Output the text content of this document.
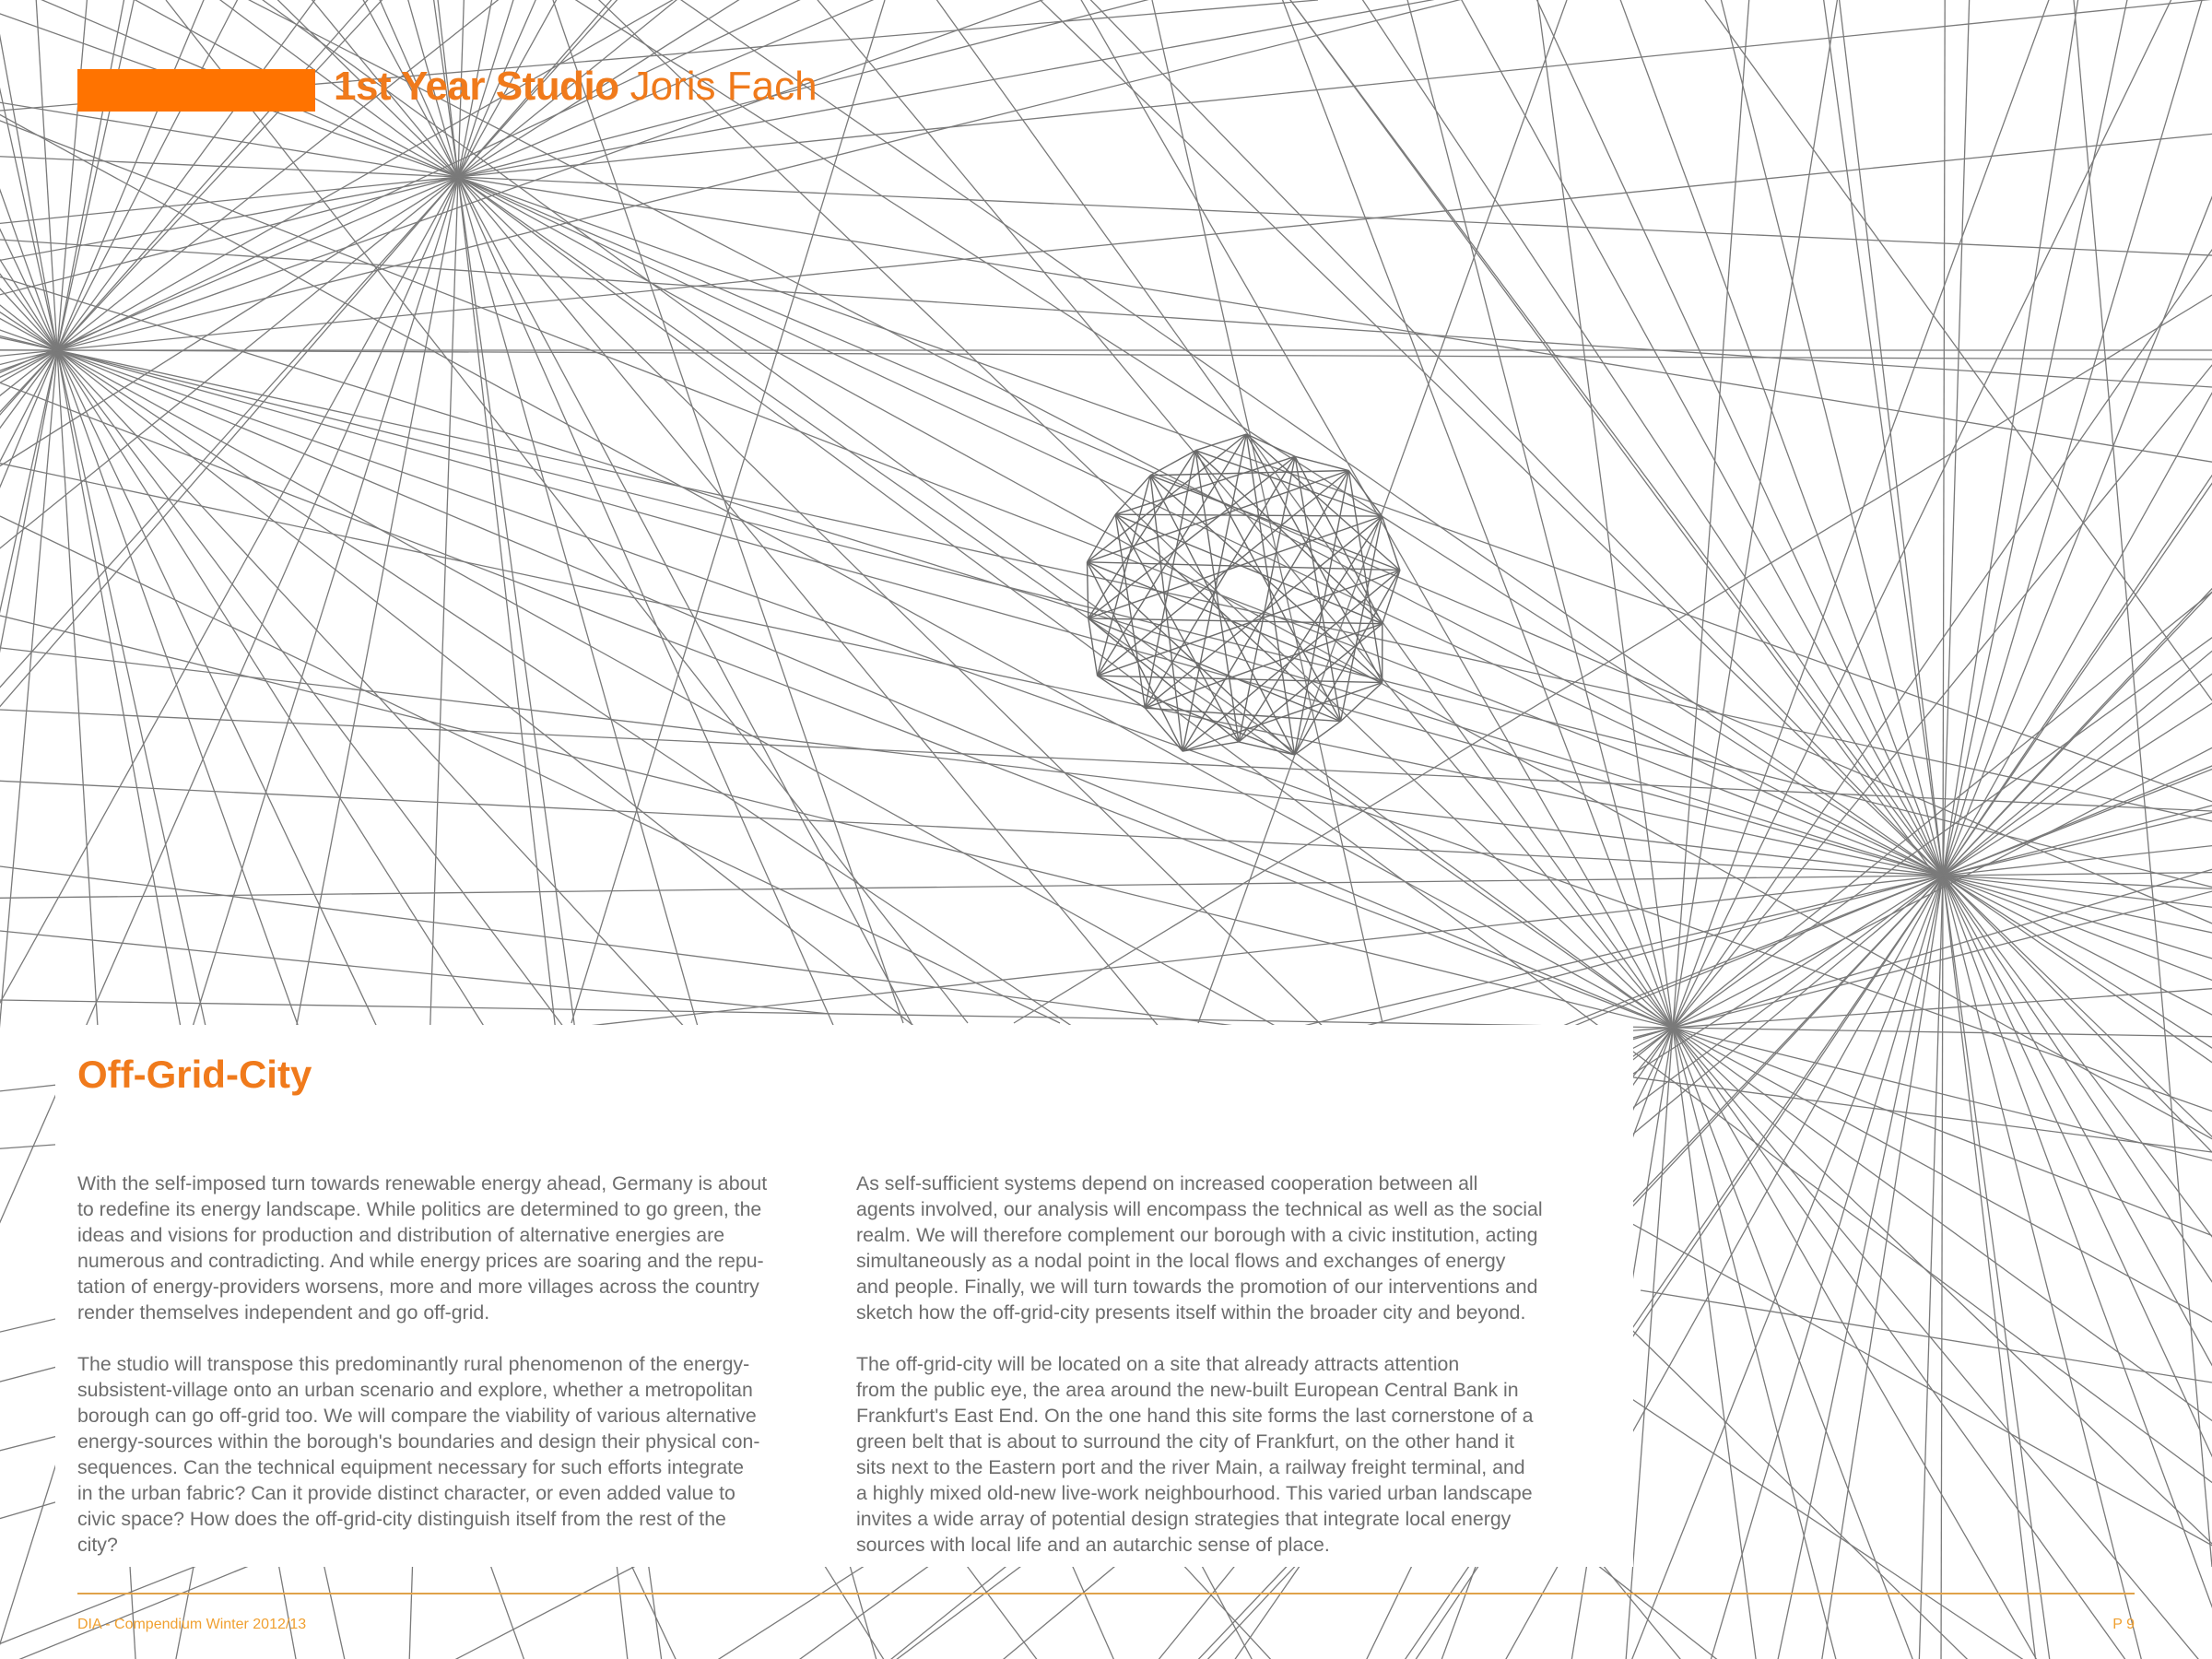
1st Year Studio Joris Fach
Off-Grid-City

With the self-imposed turn towards renewable energy ahead, Germany is about
to redefine its energy landscape. While politics are determined to go green, the
ideas and visions for production and distribution of alternative energies are
numerous and contradicting. And while energy prices are soaring and the repu-
tation of energy-providers worsens, more and more villages across the country
render themselves independent and go off-grid.

The studio will transpose this predominantly rural phenomenon of the energy-
subsistent-village onto an urban scenario and explore, whether a metropolitan
borough can go off-grid too. We will compare the viability of various alternative
energy-sources within the borough's boundaries and design their physical con-
sequences. Can the technical equipment necessary for such efforts integrate
in the urban fabric? Can it provide distinct character, or even added value to
civic space? How does the off-grid-city distinguish itself from the rest of the
city?

As self-sufficient systems depend on increased cooperation between all
agents involved, our analysis will encompass the technical as well as the social
realm. We will therefore complement our borough with a civic institution, acting
simultaneously as a nodal point in the local flows and exchanges of energy
and people. Finally, we will turn towards the promotion of our interventions and
sketch how the off-grid-city presents itself within the broader city and beyond.

The off-grid-city will be located on a site that already attracts attention
from the public eye, the area around the new-built European Central Bank in
Frankfurt's East End. On the one hand this site forms the last cornerstone of a
green belt that is about to surround the city of Frankfurt, on the other hand it
sits next to the Eastern port and the river Main, a railway freight terminal, and
a highly mixed old-new live-work neighbourhood. This varied urban landscape
invites a wide array of potential design strategies that integrate local energy
sources with local life and an autarchic sense of place.

DIA - Compendium Winter 2012/13	P 9
